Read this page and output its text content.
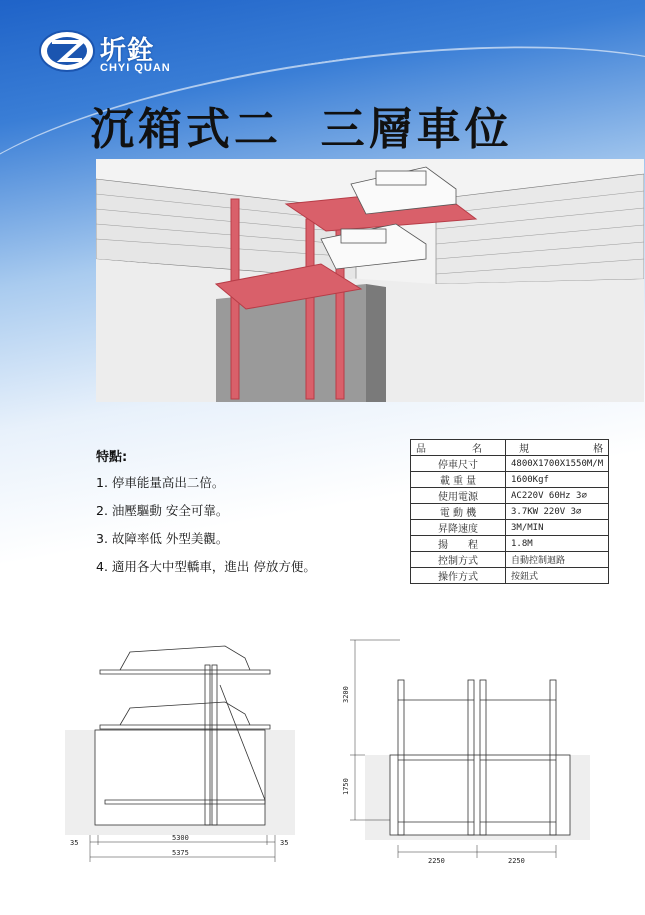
圻銓
CHYI QUAN
沉箱式二  三層車位
特點:
1. 停車能量高出二倍。
2. 油壓驅動 安全可靠。
3. 故障率低 外型美觀。
4. 適用各大中型轎車，進出 停放方便。
品　名	規 格

停車尺寸	4800X1700X1550M/M
載 重 量	1600Kgf
使用電源	AC220V 60Hz 3∅
電 動 機	3.7KW 220V 3∅
昇降速度	3M/MIN
揚　　程	1.8M
控制方式	自動控制迴路
操作方式	按鈕式
35
5300
35
5375
3200
1750
2250	2250
